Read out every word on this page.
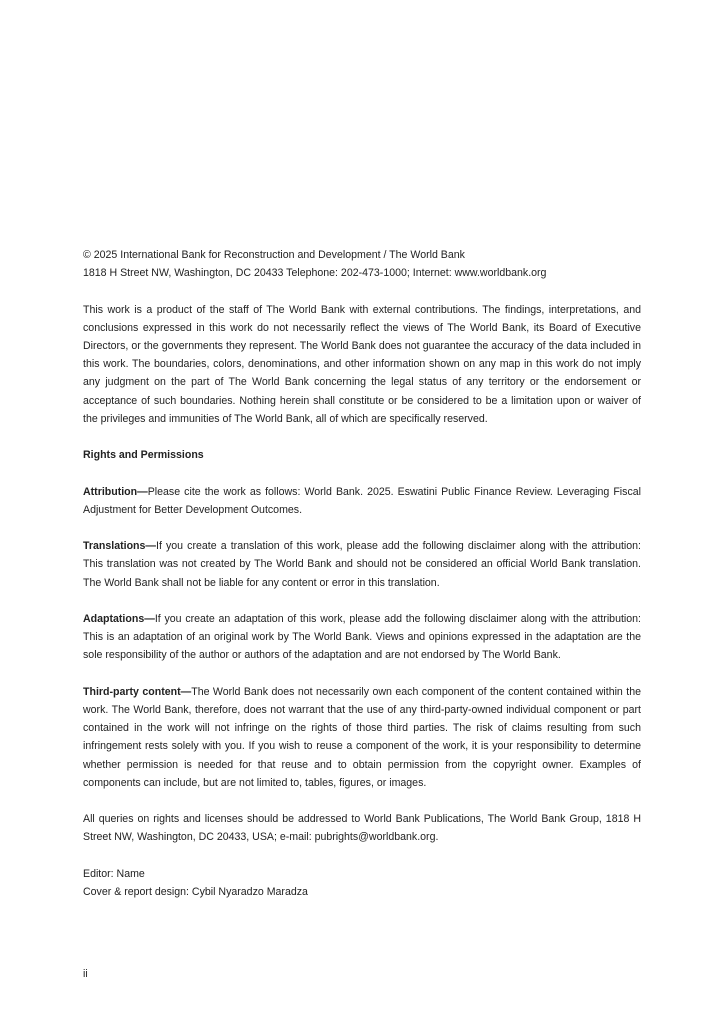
© 2025 International Bank for Reconstruction and Development / The World Bank
1818 H Street NW, Washington, DC 20433 Telephone: 202-473-1000; Internet: www.worldbank.org

This work is a product of the staff of The World Bank with external contributions. The findings, interpretations, and conclusions expressed in this work do not necessarily reflect the views of The World Bank, its Board of Executive Directors, or the governments they represent. The World Bank does not guarantee the accuracy of the data included in this work. The boundaries, colors, denominations, and other information shown on any map in this work do not imply any judgment on the part of The World Bank concerning the legal status of any territory or the endorsement or acceptance of such boundaries. Nothing herein shall constitute or be considered to be a limitation upon or waiver of the privileges and immunities of The World Bank, all of which are specifically reserved.

Rights and Permissions

Attribution—Please cite the work as follows: World Bank. 2025. Eswatini Public Finance Review. Leveraging Fiscal Adjustment for Better Development Outcomes.

Translations—If you create a translation of this work, please add the following disclaimer along with the attribution: This translation was not created by The World Bank and should not be considered an official World Bank translation. The World Bank shall not be liable for any content or error in this translation.

Adaptations—If you create an adaptation of this work, please add the following disclaimer along with the attribution: This is an adaptation of an original work by The World Bank. Views and opinions expressed in the adaptation are the sole responsibility of the author or authors of the adaptation and are not endorsed by The World Bank.

Third-party content—The World Bank does not necessarily own each component of the content contained within the work. The World Bank, therefore, does not warrant that the use of any third-party-owned individual component or part contained in the work will not infringe on the rights of those third parties. The risk of claims resulting from such infringement rests solely with you. If you wish to reuse a component of the work, it is your responsibility to determine whether permission is needed for that reuse and to obtain permission from the copyright owner. Examples of components can include, but are not limited to, tables, figures, or images.

All queries on rights and licenses should be addressed to World Bank Publications, The World Bank Group, 1818 H Street NW, Washington, DC 20433, USA; e-mail: pubrights@worldbank.org.

Editor: Name
Cover & report design: Cybil Nyaradzo Maradza
ii
